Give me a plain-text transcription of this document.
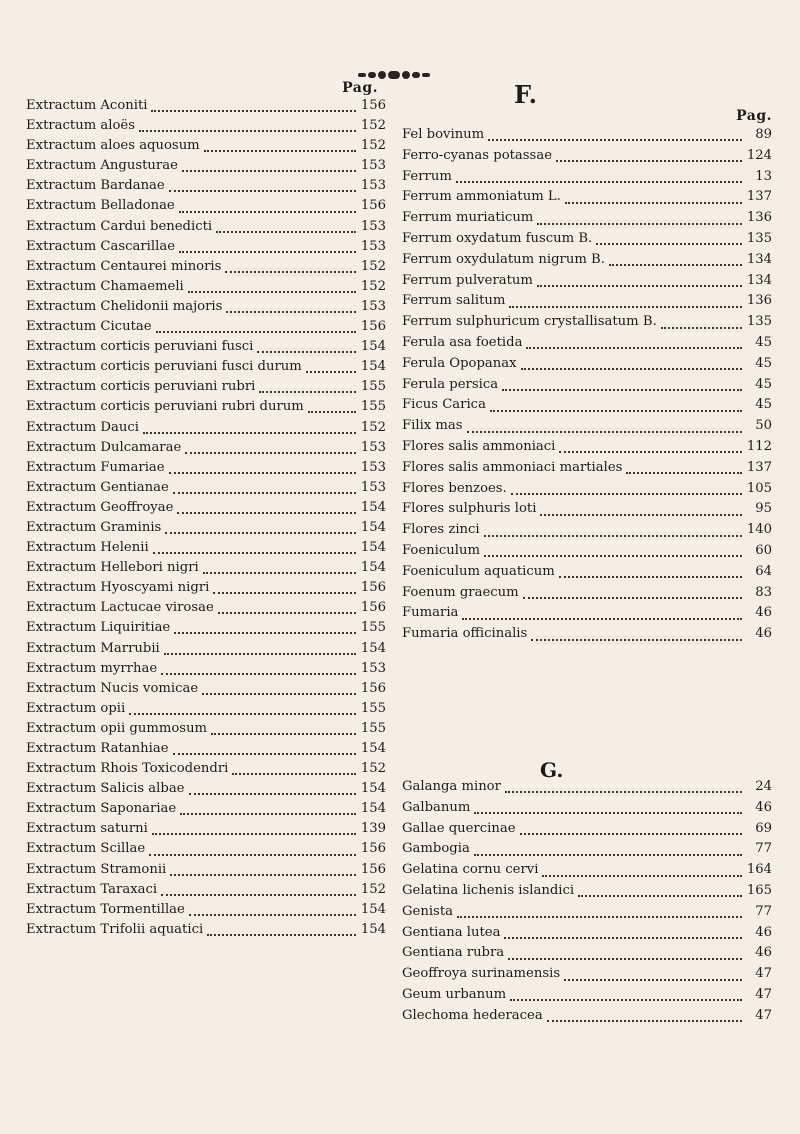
Pag.
Extractum Aconiti	156
Extractum aloës	152
Extractum aloes aquosum	152
Extractum Angusturae	153
Extractum Bardanae	153
Extractum Belladonae	156
Extractum Cardui benedicti	153
Extractum Cascarillae	153
Extractum Centaurei minoris	152
Extractum Chamaemeli	152
Extractum Chelidonii majoris	153
Extractum Cicutae	156
Extractum corticis peruviani fusci	154
Extractum corticis peruviani fusci durum	154
Extractum corticis peruviani rubri	155
Extractum corticis peruviani rubri durum	155
Extractum Dauci	152
Extractum Dulcamarae	153
Extractum Fumariae	153
Extractum Gentianae	153
Extractum Geoffroyae	154
Extractum Graminis	154
Extractum Helenii	154
Extractum Hellebori nigri	154
Extractum Hyoscyami nigri	156
Extractum Lactucae virosae	156
Extractum Liquiritiae	155
Extractum Marrubii	154
Extractum myrrhae	153
Extractum Nucis vomicae	156
Extractum opii	155
Extractum opii gummosum	155
Extractum Ratanhiae	154
Extractum Rhois Toxicodendri	152
Extractum Salicis albae	154
Extractum Saponariae	154
Extractum saturni	139
Extractum Scillae	156
Extractum Stramonii	156
Extractum Taraxaci	152
Extractum Tormentillae	154
Extractum Trifolii aquatici	154
F.
Pag.
Fel bovinum	89
Ferro-cyanas potassae	124
Ferrum	13
Ferrum ammoniatum L.	137
Ferrum muriaticum	136
Ferrum oxydatum fuscum B.	135
Ferrum oxydulatum nigrum B.	134
Ferrum pulveratum	134
Ferrum salitum	136
Ferrum sulphuricum crystallisatum B.	135
Ferula asa foetida	45
Ferula Opopanax	45
Ferula persica	45
Ficus Carica	45
Filix mas	50
Flores salis ammoniaci	112
Flores salis ammoniaci martiales	137
Flores benzoes.	105
Flores sulphuris loti	95
Flores zinci	140
Foeniculum	60
Foeniculum aquaticum	64
Foenum graecum	83
Fumaria	46
Fumaria officinalis	46
G.
Galanga minor	24
Galbanum	46
Gallae quercinae	69
Gambogia	77
Gelatina cornu cervi	164
Gelatina lichenis islandici	165
Genista	77
Gentiana lutea	46
Gentiana rubra	46
Geoffroya surinamensis	47
Geum urbanum	47
Glechoma hederacea	47
